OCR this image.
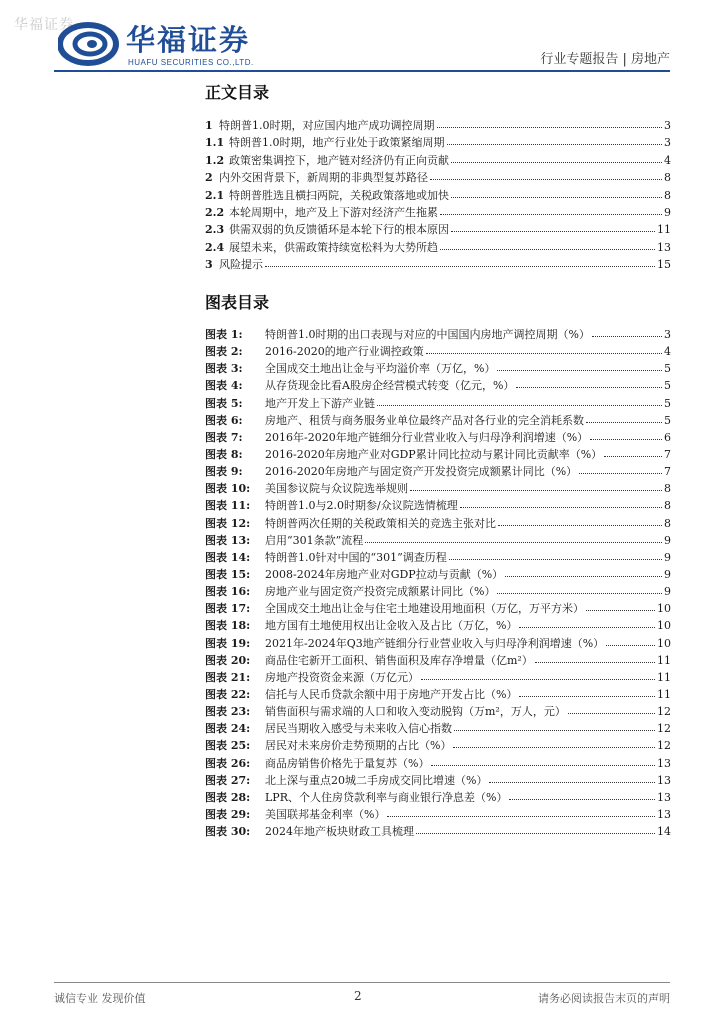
华福证券 华福证券
HUAFU SECURITIES CO.,LTD.	行业专题报告 | 房地产
正文目录
1 特朗普1.0时期，对应国内地产成功调控周期	3
1.1 特朗普1.0时期，地产行业处于政策紧缩周期	3
1.2 政策密集调控下，地产链对经济仍有正向贡献	4
2 内外交困背景下，新周期的非典型复苏路径	8
2.1 特朗普胜选且横扫两院，关税政策落地或加快	8
2.2 本轮周期中，地产及上下游对经济产生拖累	9
2.3 供需双弱的负反馈循环是本轮下行的根本原因	11
2.4 展望未来，供需政策持续宽松料为大势所趋	13
3 风险提示	15
图表目录
图表 1:	特朗普1.0时期的出口表现与对应的中国国内房地产调控周期（%）	3
图表 2:	2016-2020的地产行业调控政策	4
图表 3:	全国成交土地出让金与平均溢价率（万亿，%）	5
图表 4:	从存货现金比看A股房企经营模式转变（亿元，%）	5
图表 5:	地产开发上下游产业链	5
图表 6:	房地产、租赁与商务服务业单位最终产品对各行业的完全消耗系数	5
图表 7:	2016年-2020年地产链细分行业营业收入与归母净利润增速（%）	6
图表 8:	2016-2020年房地产业对GDP累计同比拉动与累计同比贡献率（%）	7
图表 9:	2016-2020年房地产与固定资产开发投资完成额累计同比（%）	7
图表 10:	美国参议院与众议院选举规则	8
图表 11:	特朗普1.0与2.0时期参/众议院选情梳理	8
图表 12:	特朗普两次任期的关税政策相关的竞选主张对比	8
图表 13:	启用“301条款”流程	9
图表 14:	特朗普1.0针对中国的“301”调查历程	9
图表 15:	2008-2024年房地产业对GDP拉动与贡献（%）	9
图表 16:	房地产业与固定资产投资完成额累计同比（%）	9
图表 17:	全国成交土地出让金与住宅土地建设用地面积（万亿，万平方米）	10
图表 18:	地方国有土地使用权出让金收入及占比（万亿，%）	10
图表 19:	2021年-2024年Q3地产链细分行业营业收入与归母净利润增速（%）	10
图表 20:	商品住宅新开工面积、销售面积及库存净增量（亿m²）	11
图表 21:	房地产投资资金来源（万亿元）	11
图表 22:	信托与人民币贷款余额中用于房地产开发占比（%）	11
图表 23:	销售面积与需求端的人口和收入变动脱钩（万m²，万人，元）	12
图表 24:	居民当期收入感受与未来收入信心指数	12
图表 25:	居民对未来房价走势预期的占比（%）	12
图表 26:	商品房销售价格先于量复苏（%）	13
图表 27:	北上深与重点20城二手房成交同比增速（%）	13
图表 28:	LPR、个人住房贷款利率与商业银行净息差（%）	13
图表 29:	美国联邦基金利率（%）	13
图表 30:	2024年地产板块财政工具梳理	14
诚信专业 发现价值	2	请务必阅读报告末页的声明
